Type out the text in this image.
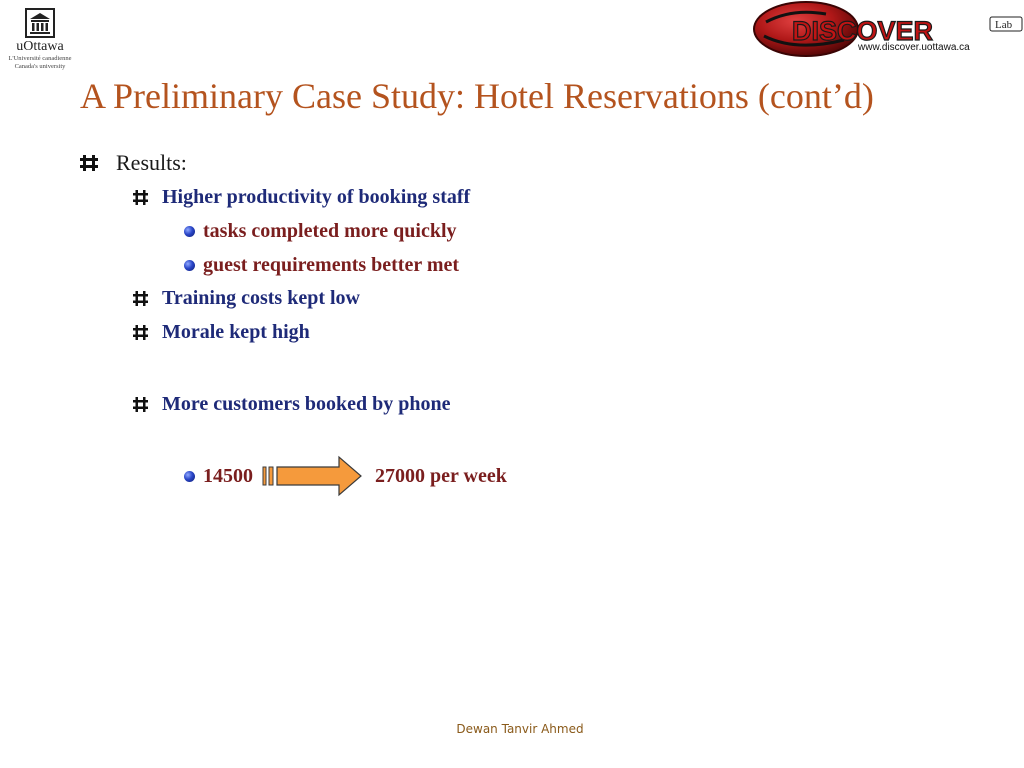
uOttawa
L'Université canadienne
Canada's university
DISCOVER	Lab
www.discover.uottawa.ca
A Preliminary Case Study: Hotel Reservations (cont’d)
Results:
Higher productivity of booking staff
tasks completed more quickly
guest requirements better met
Training costs kept low
Morale kept high
More customers booked by phone
14500	27000 per week
Dewan Tanvir Ahmed
